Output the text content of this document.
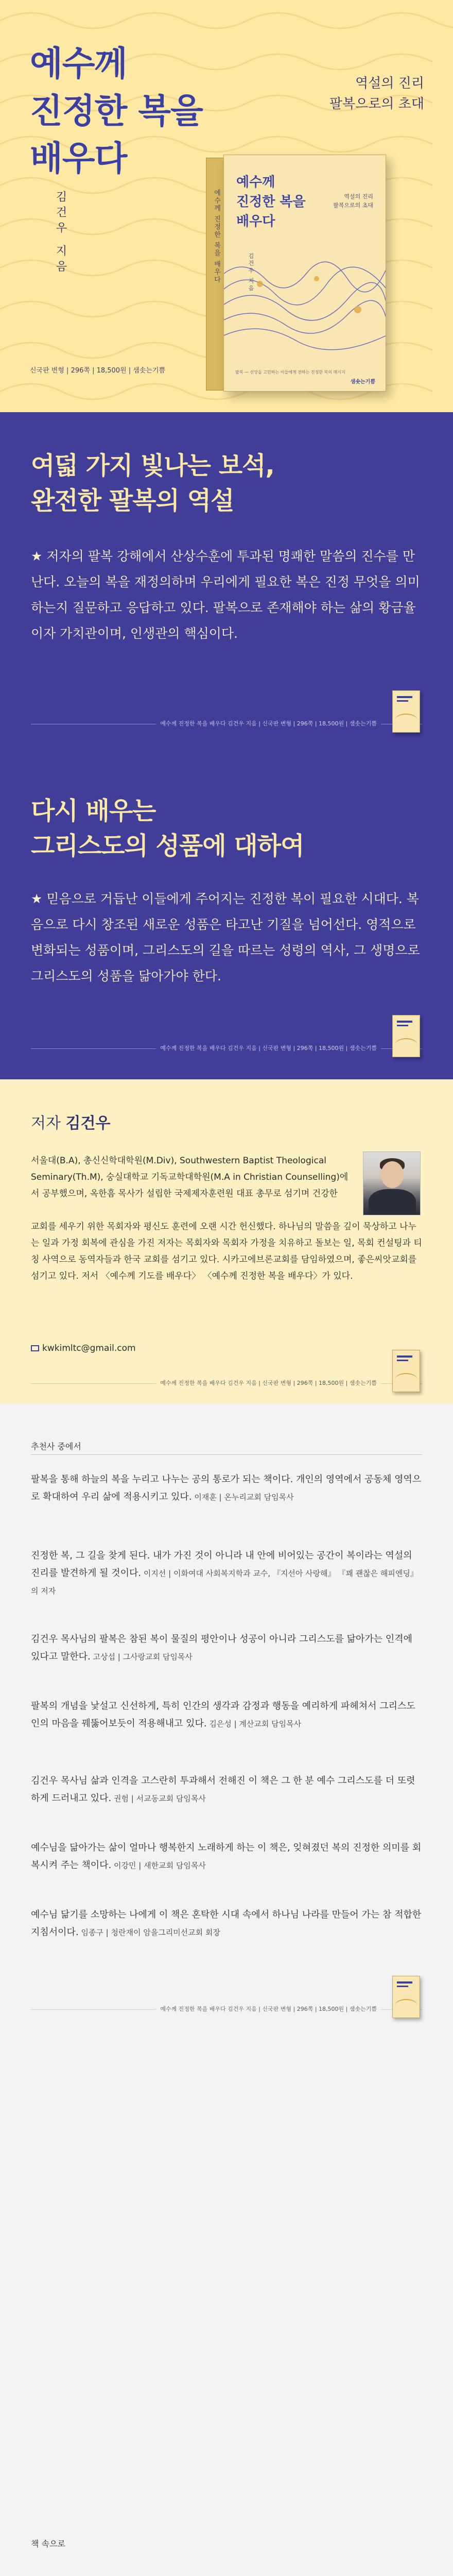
예수께
진정한 복을
배우다
역설의 진리
팔복으로의 초대
김건우 지음	예수께 진정한 복을 배우다
예수께
진정한 복을
배우다
역설의 진리
팔복으로의 초대
김건우 지음
팔복 — 신앙을 고민하는 이들에게 전하는 진정한 복의 메시지
샘솟는기쁨
신국판 변형 | 296쪽 | 18,500원 | 샘솟는기쁨
여덟 가지 빛나는 보석,
완전한 팔복의 역설
★ 저자의 팔복 강해에서 산상수훈에 투과된 명쾌한 말씀의 진수를 만난다. 오늘의 복을 재정의하며 우리에게 필요한 복은 진정 무엇을 의미하는지 질문하고 응답하고 있다. 팔복으로 존재해야 하는 삶의 황금율이자 가치관이며, 인생관의 핵심이다.
예수께 진정한 복을 배우다 김건우 지음 | 신국판 변형 | 296쪽 | 18,500원 | 샘솟는기쁨
다시 배우는
그리스도의 성품에 대하여
★ 믿음으로 거듭난 이들에게 주어지는 진정한 복이 필요한 시대다. 복음으로 다시 창조된 새로운 성품은 타고난 기질을 넘어선다. 영적으로 변화되는 성품이며, 그리스도의 길을 따르는 성령의 역사, 그 생명으로 그리스도의 성품을 닮아가야 한다.
예수께 진정한 복을 배우다 김건우 지음 | 신국판 변형 | 296쪽 | 18,500원 | 샘솟는기쁨
저자 김건우
서울대(B.A), 총신신학대학원(M.Div), Southwestern Baptist Theological Seminary(Th.M), 숭실대학교 기독교학대학원(M.A in Christian Counselling)에서 공부했으며, 옥한흠 목사가 설립한 국제제자훈련원 대표 총무로 섬기며 건강한
교회를 세우기 위한 목회자와 평신도 훈련에 오랜 시간 헌신했다. 하나님의 말씀을 깊이 묵상하고 나누는 일과 가정 회복에 관심을 가진 저자는 목회자와 목회자 가정을 치유하고 돌보는 일, 목회 컨설팅과 티칭 사역으로 동역자들과 한국 교회를 섬기고 있다. 시카고에브론교회를 담임하였으며, 좋은씨앗교회를 섬기고 있다. 저서 〈예수께 기도를 배우다〉 〈예수께 진정한 복을 배우다〉가 있다.
kwkimltc@gmail.com
예수께 진정한 복을 배우다 김건우 지음 | 신국판 변형 | 296쪽 | 18,500원 | 샘솟는기쁨
추천사 중에서
팔복을 통해 하늘의 복을 누리고 나누는 공의 통로가 되는 책이다. 개인의 영역에서 공동체 영역으로 확대하여 우리 삶에 적용시키고 있다. 이재훈 | 온누리교회 담임목사
진정한 복, 그 길을 찾게 된다. 내가 가진 것이 아니라 내 안에 비어있는 공간이 복이라는 역설의 진리를 발견하게 될 것이다. 이지선 | 이화여대 사회복지학과 교수, 『지선아 사랑해』 『꽤 괜찮은 해피엔딩』 의 저자
김건우 목사님의 팔복은 참된 복이 물질의 평안이나 성공이 아니라 그리스도를 닮아가는 인격에 있다고 말한다. 고상섭 | 그사랑교회 담임목사
팔복의 개념을 낯설고 신선하게, 특히 인간의 생각과 감정과 행동을 예리하게 파헤쳐서 그리스도인의 마음을 꿰뚫어보듯이 적용해내고 있다. 김은성 | 계산교회 담임목사
김건우 목사님 삶과 인격을 고스란히 투과해서 전해진 이 책은 그 한 분 예수 그리스도를 더 또렷하게 드러내고 있다. 권험 | 서교동교회 담임목사
예수님을 닮아가는 삶이 얼마나 행복한지 노래하게 하는 이 책은, 잊혀졌던 복의 진정한 의미를 회복시켜 주는 책이다. 이강민 | 새한교회 담임목사
예수님 닮기를 소망하는 나에게 이 책은 혼탁한 시대 속에서 하나님 나라를 만들어 가는 참 적합한 지침서이다. 임종구 | 청란재이 암을그리미선교회 회장
예수께 진정한 복을 배우다 김건우 지음 | 신국판 변형 | 296쪽 | 18,500원 | 샘솟는기쁨
책 속으로
